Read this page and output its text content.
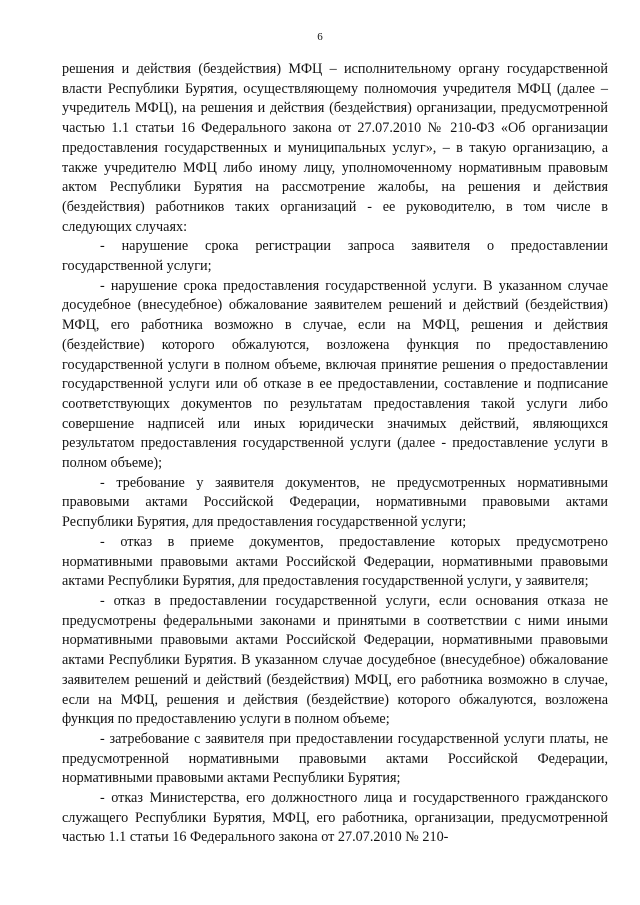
6

решения и действия (бездействия) МФЦ – исполнительному органу государственной власти Республики Бурятия, осуществляющему полномочия учредителя МФЦ (далее – учредитель МФЦ), на решения и действия (бездействия) организации, предусмотренной частью 1.1 статьи 16 Федерального закона от 27.07.2010 № 210-ФЗ «Об организации предоставления государственных и муниципальных услуг», – в такую организацию, а также учредителю МФЦ либо иному лицу, уполномоченному нормативным правовым актом Республики Бурятия на рассмотрение жалобы, на решения и действия (бездействия) работников таких организаций - ее руководителю, в том числе в следующих случаях:

- нарушение срока регистрации запроса заявителя о предоставлении государственной услуги;

- нарушение срока предоставления государственной услуги. В указанном случае досудебное (внесудебное) обжалование заявителем решений и действий (бездействия) МФЦ, его работника возможно в случае, если на МФЦ, решения и действия (бездействие) которого обжалуются, возложена функция по предоставлению государственной услуги в полном объеме, включая принятие решения о предоставлении государственной услуги или об отказе в ее предоставлении, составление и подписание соответствующих документов по результатам предоставления такой услуги либо совершение надписей или иных юридически значимых действий, являющихся результатом предоставления государственной услуги (далее - предоставление услуги в полном объеме);

- требование у заявителя документов, не предусмотренных нормативными правовыми актами Российской Федерации, нормативными правовыми актами Республики Бурятия, для предоставления государственной услуги;

- отказ в приеме документов, предоставление которых предусмотрено нормативными правовыми актами Российской Федерации, нормативными правовыми актами Республики Бурятия, для предоставления государственной услуги, у заявителя;

- отказ в предоставлении государственной услуги, если основания отказа не предусмотрены федеральными законами и принятыми в соответствии с ними иными нормативными правовыми актами Российской Федерации, нормативными правовыми актами Республики Бурятия. В указанном случае досудебное (внесудебное) обжалование заявителем решений и действий (бездействия) МФЦ, его работника возможно в случае, если на МФЦ, решения и действия (бездействие) которого обжалуются, возложена функция по предоставлению услуги в полном объеме;

- затребование с заявителя при предоставлении государственной услуги платы, не предусмотренной нормативными правовыми актами Российской Федерации, нормативными правовыми актами Республики Бурятия;

- отказ Министерства, его должностного лица и государственного гражданского служащего Республики Бурятия, МФЦ, его работника, организации, предусмотренной частью 1.1 статьи 16 Федерального закона от 27.07.2010 № 210-
